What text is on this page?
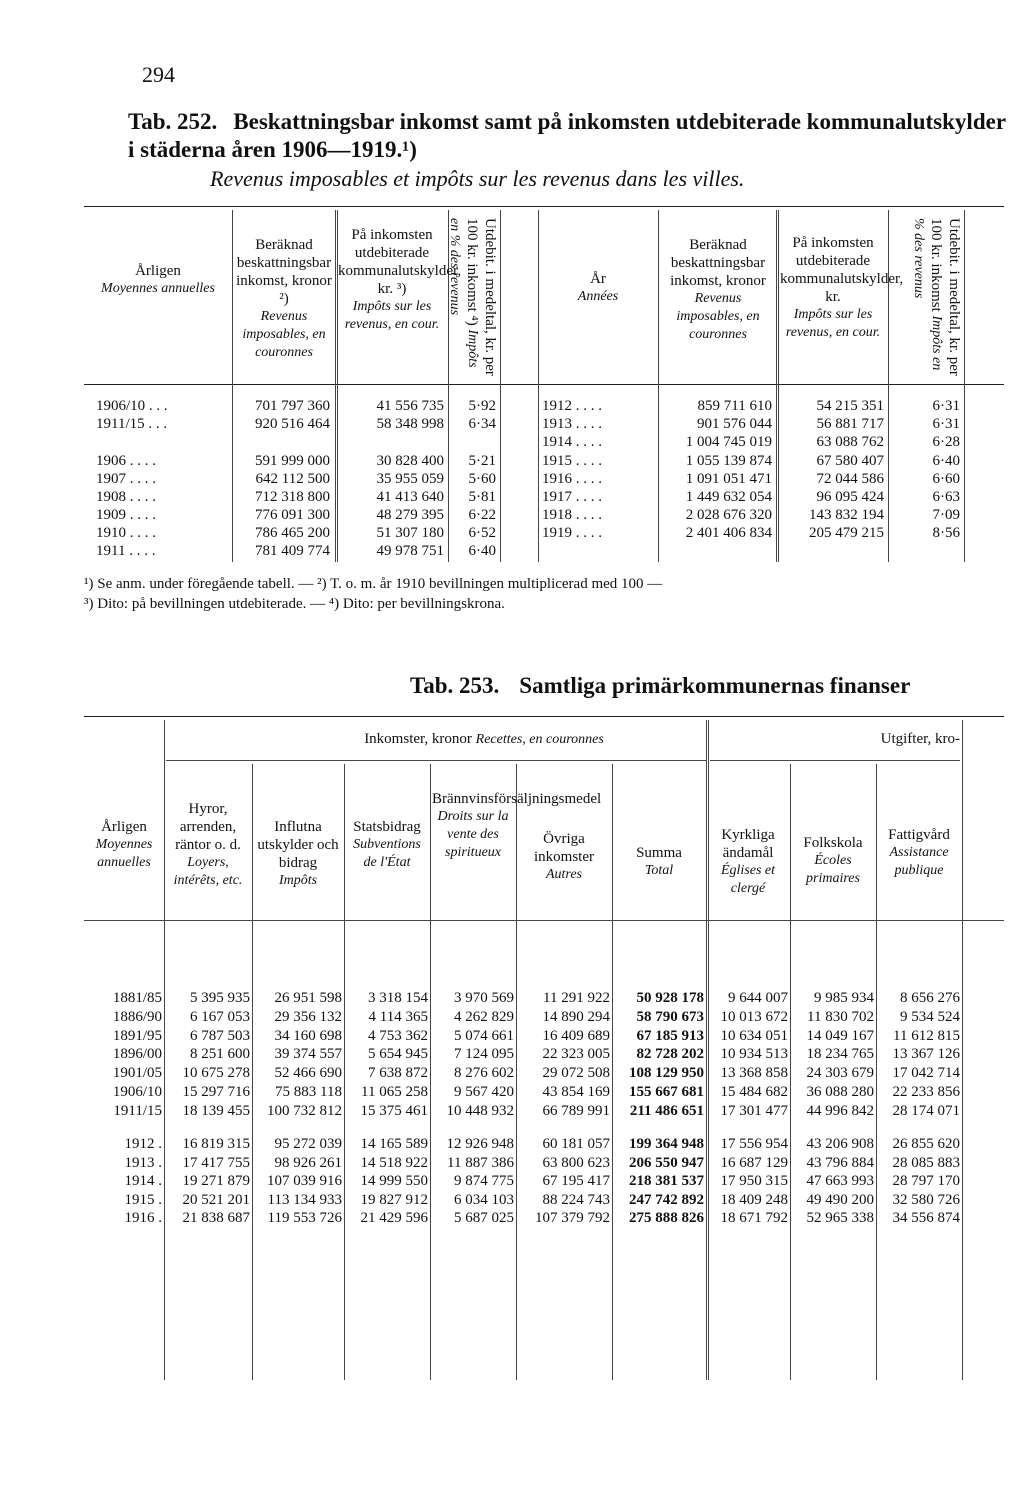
294
Tab. 252. Beskattningsbar inkomst samt på inkomsten utdebiterade kommunalutskylder i städerna åren 1906—1919.¹)
Revenus imposables et impôts sur les revenus dans les villes.
Årligen
Moyennes annuelles
Beräknad beskattningsbar inkomst, kronor ²)
Revenus imposables, en couronnes
På inkomsten utdebiterade kommunalutskylder, kr. ³)
Impôts sur les revenus, en cour.	Utdebit. i medeltal, kr. per 100 kr. inkomst ⁴) Impôts en % des revenus	År
Années
Beräknad beskattningsbar inkomst, kronor
Revenus imposables, en couronnes
På inkomsten utdebiterade kommunalutskylder, kr.
Impôts sur les revenus, en cour.	Utdebit. i medeltal, kr. per 100 kr. inkomst Impôts en % des revenus
1906/10 . . .	701 797 360	41 556 735	5·92
1911/15 . . .	920 516 464	58 348 998	6·34
1906 . . . .	591 999 000	30 828 400	5·21
1907 . . . .	642 112 500	35 955 059	5·60
1908 . . . .	712 318 800	41 413 640	5·81
1909 . . . .	776 091 300	48 279 395	6·22
1910 . . . .	786 465 200	51 307 180	6·52
1911 . . . .	781 409 774	49 978 751	6·40
1912 . . . .	859 711 610	54 215 351	6·31
1913 . . . .	901 576 044	56 881 717	6·31
1914 . . . .	1 004 745 019	63 088 762	6·28
1915 . . . .	1 055 139 874	67 580 407	6·40
1916 . . . .	1 091 051 471	72 044 586	6·60
1917 . . . .	1 449 632 054	96 095 424	6·63
1918 . . . .	2 028 676 320	143 832 194	7·09
1919 . . . .	2 401 406 834	205 479 215	8·56
¹) Se anm. under föregående tabell. — ²) T. o. m. år 1910 bevillningen multiplicerad med 100 —
³) Dito: på bevillningen utdebiterade. — ⁴) Dito: per bevillningskrona.
Tab. 253. Samtliga primärkommunernas finanser
Inkomster, kronor Recettes, en couronnes	Utgifter, kro-
Årligen
Moyennes annuelles
Hyror, arrenden, räntor o. d.
Loyers, intérêts, etc.
Influtna utskylder och bidrag
Impôts
Statsbidrag
Subventions de l'État
Brännvinsförsäljningsmedel
Droits sur la vente des spiritueux
Övriga inkomster
Autres
Summa
Total
Kyrkliga ändamål
Églises et clergé
Folkskola
Écoles primaires
Fattigvård
Assistance publique
1881/85	5 395 935	26 951 598	3 318 154	3 970 569	11 291 922	50 928 178	9 644 007	9 985 934	8 656 276
1886/90	6 167 053	29 356 132	4 114 365	4 262 829	14 890 294	58 790 673	10 013 672	11 830 702	9 534 524
1891/95	6 787 503	34 160 698	4 753 362	5 074 661	16 409 689	67 185 913	10 634 051	14 049 167	11 612 815
1896/00	8 251 600	39 374 557	5 654 945	7 124 095	22 323 005	82 728 202	10 934 513	18 234 765	13 367 126
1901/05	10 675 278	52 466 690	7 638 872	8 276 602	29 072 508	108 129 950	13 368 858	24 303 679	17 042 714
1906/10	15 297 716	75 883 118	11 065 258	9 567 420	43 854 169	155 667 681	15 484 682	36 088 280	22 233 856
1911/15	18 139 455	100 732 812	15 375 461	10 448 932	66 789 991	211 486 651	17 301 477	44 996 842	28 174 071
1912 .	16 819 315	95 272 039	14 165 589	12 926 948	60 181 057	199 364 948	17 556 954	43 206 908	26 855 620
1913 .	17 417 755	98 926 261	14 518 922	11 887 386	63 800 623	206 550 947	16 687 129	43 796 884	28 085 883
1914 .	19 271 879	107 039 916	14 999 550	9 874 775	67 195 417	218 381 537	17 950 315	47 663 993	28 797 170
1915 .	20 521 201	113 134 933	19 827 912	6 034 103	88 224 743	247 742 892	18 409 248	49 490 200	32 580 726
1916 .	21 838 687	119 553 726	21 429 596	5 687 025	107 379 792	275 888 826	18 671 792	52 965 338	34 556 874
